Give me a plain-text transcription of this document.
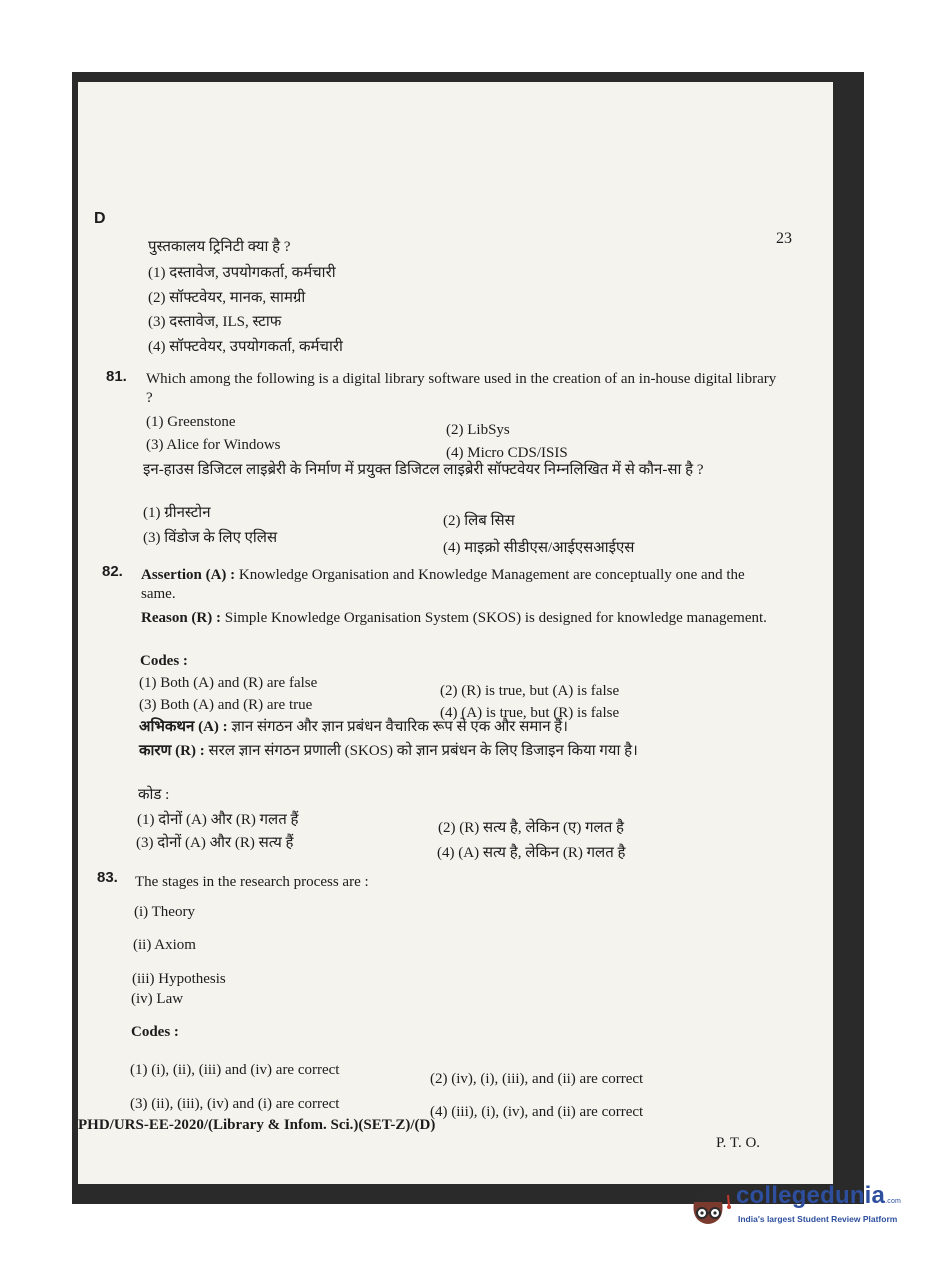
D
23
पुस्तकालय ट्रिनिटी क्या है ?
(1) दस्तावेज, उपयोगकर्ता, कर्मचारी
(2) सॉफ्टवेयर, मानक, सामग्री
(3) दस्तावेज, ILS, स्टाफ
(4) सॉफ्टवेयर, उपयोगकर्ता, कर्मचारी
81. Which among the following is a digital library software used in the creation of an in-house digital library ?
(1) Greenstone	(2) LibSys
(3) Alice for Windows	(4) Micro CDS/ISIS
इन-हाउस डिजिटल लाइब्रेरी के निर्माण में प्रयुक्त डिजिटल लाइब्रेरी सॉफ्टवेयर निम्नलिखित में से कौन-सा है ?
(1) ग्रीनस्टोन	(2) लिब सिस
(3) विंडोज के लिए एलिस
(4) माइक्रो सीडीएस/आईएसआईएस
82. Assertion (A) : Knowledge Organisation and Knowledge Management are conceptually one and the same.
Reason (R) : Simple Knowledge Organisation System (SKOS) is designed for knowledge management.
Codes :
(1) Both (A) and (R) are false	(2) (R) is true, but (A) is false
(3) Both (A) and (R) are true	(4) (A) is true, but (R) is false
अभिकथन (A) : ज्ञान संगठन और ज्ञान प्रबंधन वैचारिक रूप से एक और समान हैं।
कारण (R) : सरल ज्ञान संगठन प्रणाली (SKOS) को ज्ञान प्रबंधन के लिए डिजाइन किया गया है।
कोड :
(1) दोनों (A) और (R) गलत हैं	(2) (R) सत्य है, लेकिन (ए) गलत है
(3) दोनों (A) और (R) सत्य हैं
(4) (A) सत्य है, लेकिन (R) गलत है
83. The stages in the research process are :
(i) Theory
(ii) Axiom
(iii) Hypothesis
(iv) Law
Codes :
(1) (i), (ii), (iii) and (iv) are correct
(2) (iv), (i), (iii), and (ii) are correct
(3) (ii), (iii), (iv) and (i) are correct	(4) (iii), (i), (iv), and (ii) are correct
PHD/URS-EE-2020/(Library & Infom. Sci.)(SET-Z)/(D)
P. T. O.
collegedunia.com
India's largest Student Review Platform
